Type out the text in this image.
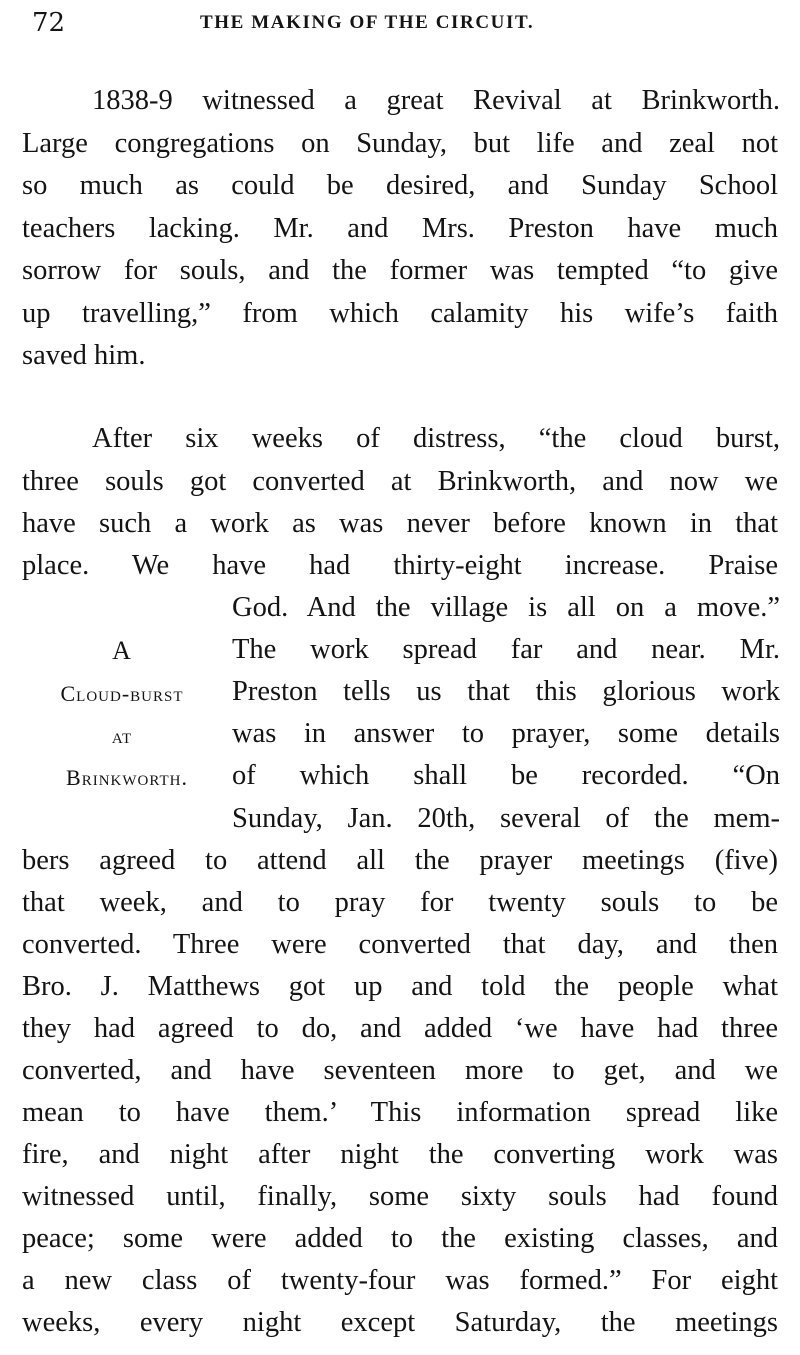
72	THE MAKING OF THE CIRCUIT.
1838-9 witnessed a great Revival at Brinkworth.
Large congregations on Sunday, but life and zeal not
so much as could be desired, and Sunday School
teachers lacking. Mr. and Mrs. Preston have much
sorrow for souls, and the former was tempted “to give
up travelling,” from which calamity his wife’s faith
saved him.
After six weeks of distress, “the cloud burst,
three souls got converted at Brinkworth, and now we
have such a work as was never before known in that
place. We have had thirty-eight increase. Praise
God. And the village is all on a move.”
The work spread far and near. Mr.
Preston tells us that this glorious work
was in answer to prayer, some details
of which shall be recorded. “On
Sunday, Jan. 20th, several of the mem-
bers agreed to attend all the prayer meetings (five)
that week, and to pray for twenty souls to be
converted. Three were converted that day, and then
Bro. J. Matthews got up and told the people what
they had agreed to do, and added ‘we have had three
converted, and have seventeen more to get, and we
mean to have them.’ This information spread like
fire, and night after night the converting work was
witnessed until, finally, some sixty souls had found
peace; some were added to the existing classes, and
a new class of twenty-four was formed.” For eight
weeks, every night except Saturday, the meetings
A
Cloud-burst
at
Brinkworth.
